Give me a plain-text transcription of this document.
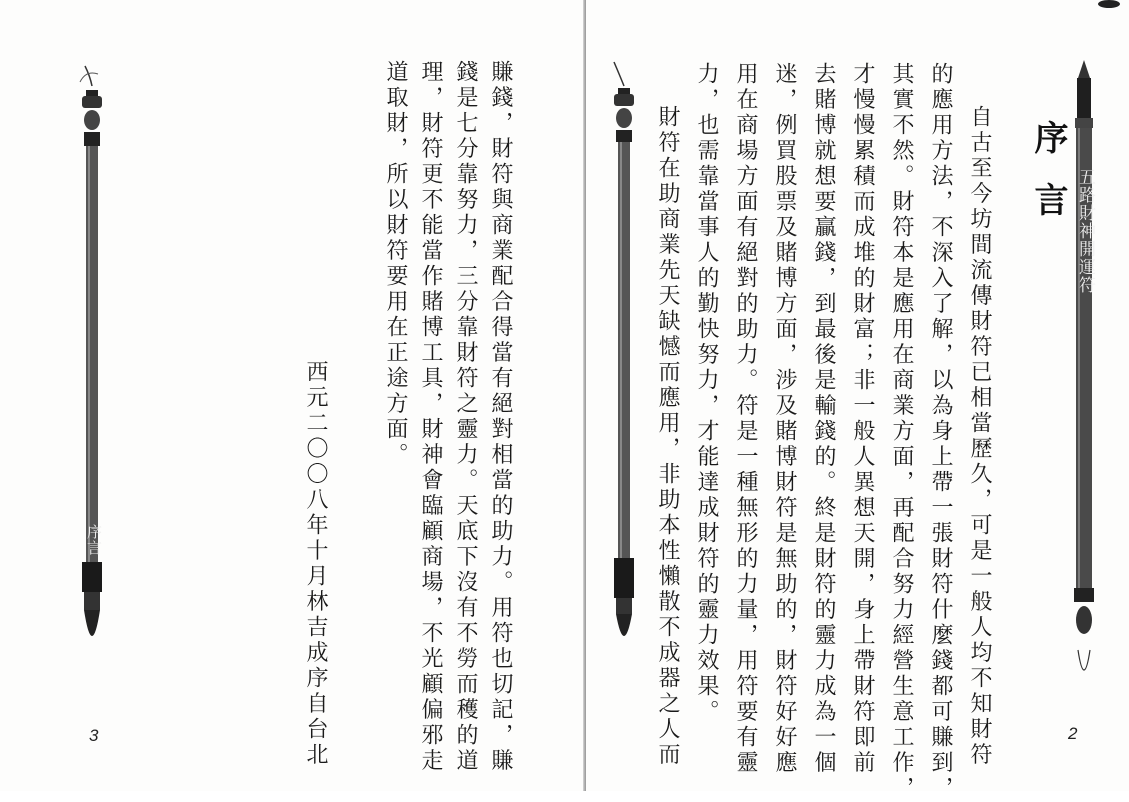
序言	賺錢，財符與商業配合得當有絕對相當的助力。用符也切記，賺
錢是七分靠努力，三分靠財符之靈力。天底下沒有不勞而穫的道
理，財符更不能當作賭博工具，財神會臨顧商場，不光顧偏邪走
道取財，所以財符要用在正途方面。
西元二〇〇八年十月林吉成序自台北
3	自古至今坊間流傳財符已相當歷久，可是一般人均不知財符
的應用方法，不深入了解，以為身上帶一張財符什麼錢都可賺到，
其實不然。財符本是應用在商業方面，再配合努力經營生意工作，
才慢慢累積而成堆的財富；非一般人異想天開，身上帶財符即前
去賭博就想要贏錢，到最後是輸錢的。終是財符的靈力成為一個
迷，例買股票及賭博方面，涉及賭博財符是無助的，財符好好應
用在商場方面有絕對的助力。符是一種無形的力量，用符要有靈
力，也需靠當事人的勤快努力，才能達成財符的靈力效果。
財符在助商業先天缺憾而應用，非助本性懶散不成器之人而	序言 五路財神開運符
2
